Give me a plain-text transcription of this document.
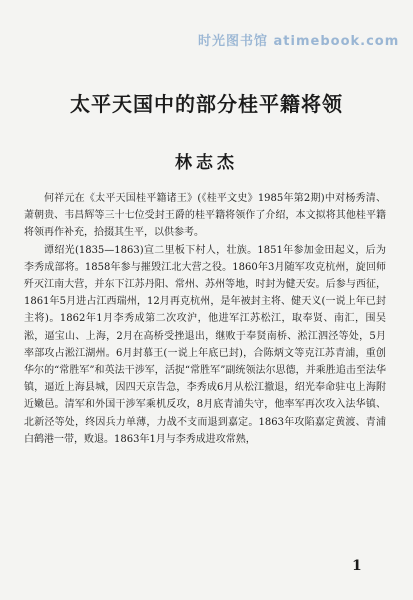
时光图书馆 atimebook.com
太平天国中的部分桂平籍将领
林志杰

何祥元在《太平天国桂平籍诸王》(《桂平文史》1985年第2期)中对杨秀清、萧朝贵、韦昌辉等三十七位受封王爵的桂平籍将领作了介绍，本文拟将其他桂平籍将领再作补充，拾掇其生平，以供参考。

谭绍光(1835—1863)宣二里板下村人，壮族。1851年参加金田起义，后为李秀成部将。1858年参与摧毁江北大营之役。1860年3月随军攻克杭州，旋回师歼灭江南大营，并东下江苏丹阳、常州、苏州等地，时封为健天安。后参与西征，1861年5月进占江西瑞州，12月再克杭州，是年被封主将、健天义(一说上年已封主将)。1862年1月李秀成第二次攻沪，他进军江苏松江，取奉贤、南汇，围吴淞，逼宝山、上海，2月在高桥受挫退出，继败于奉贤南桥、淞江泗泾等处，5月率部攻占淞江湖州。6月封慕王(一说上年底已封)，合陈炳文等克江苏青浦，重创华尔的“常胜军”和英法干涉军，活捉“常胜军”副统领法尔思德，并乘胜追击至法华镇，逼近上海县城，因四天京告急，李秀成6月从松江撤退，绍光奉命驻屯上海附近嫩邑。清军和外国干涉军乘机反攻，8月底青浦失守，他率军再次攻入法华镇、北新泾等处，终因兵力单薄，力战不支而退到嘉定。1863年攻陷嘉定黄渡、青浦白鹤港一带，败退。1863年1月与李秀成进攻常熟，

1
